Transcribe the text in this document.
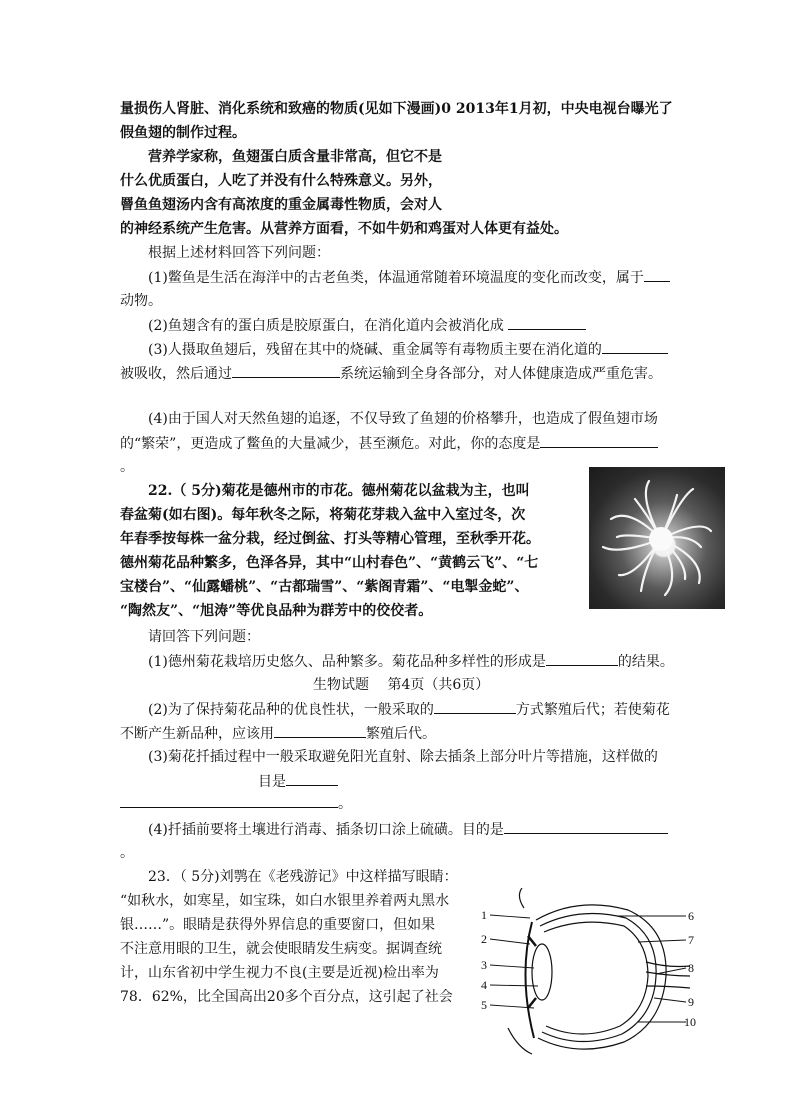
量损伤人肾脏、消化系统和致癌的物质(见如下漫画)0 2013年1月初，中央电视台曝光了
假鱼翅的制作过程。
营养学家称，鱼翅蛋白质含量非常高，但它不是
什么优质蛋白，人吃了并没有什么特殊意义。另外，
罾鱼鱼翅汤内含有高浓度的重金属毒性物质，会对人
的神经系统产生危害。从营养方面看，不如牛奶和鸡蛋对人体更有益处。
根据上述材料回答下列问题：
(1)鳖鱼是生活在海洋中的古老鱼类，体温通常随着环境温度的变化而改变，属于
动物。
(2)鱼翅含有的蛋白质是胶原蛋白，在消化道内会被消化成
(3)人摄取鱼翅后，残留在其中的烧碱、重金属等有毒物质主要在消化道的
被吸收，然后通过	系统运输到全身各部分，对人体健康造成严重危害。
(4)由于国人对天然鱼翅的追逐，不仅导致了鱼翅的价格攀升，也造成了假鱼翅市场
的“繁荣”，更造成了鳖鱼的大量减少，甚至濒危。对此，你的态度是
。
22.（ 5分)菊花是德州市的市花。德州菊花以盆栽为主，也叫
春盆菊(如右图)。每年秋冬之际，将菊花芽栽入盆中入室过冬，次
年春季按每株一盆分栽，经过倒盆、打头等精心管理，至秋季开花。
德州菊花品种繁多，色泽各异，其中“山村春色”、“黄鹤云飞”、“七
宝楼台”、“仙露蟠桃”、“古都瑞雪”、“紫阁青霜”、“电掣金蛇”、
“陶然友”、“旭涛”等优良品种为群芳中的佼佼者。
请回答下列问题：
(1)德州菊花栽培历史悠久、品种繁多。菊花品种多样性的形成是	的结果。
生物试题　 第4页（共6页）
(2)为了保持菊花品种的优良性状，一般采取的	方式繁殖后代；若使菊花
不断产生新品种，应该用	繁殖后代。
(3)菊花扦插过程中一般采取避免阳光直射、除去插条上部分叶片等措施，这样做的
目是
。
(4)扦插前要将土壤进行消毒、插条切口涂上硫磺。目的是
。
23．（ 5分)刘鹗在《老残游记》中这样描写眼睛：
“如秋水，如寒星，如宝珠，如白水银里养着两丸黑水
银……”。眼睛是获得外界信息的重要窗口，但如果
不注意用眼的卫生，就会使眼睛发生病变。据调查统
计，山东省初中学生视力不良(主要是近视)检出率为
78．62%，比全国高出20多个百分点，这引起了社会
1
2
3
4
5
6
7
8
9
10
